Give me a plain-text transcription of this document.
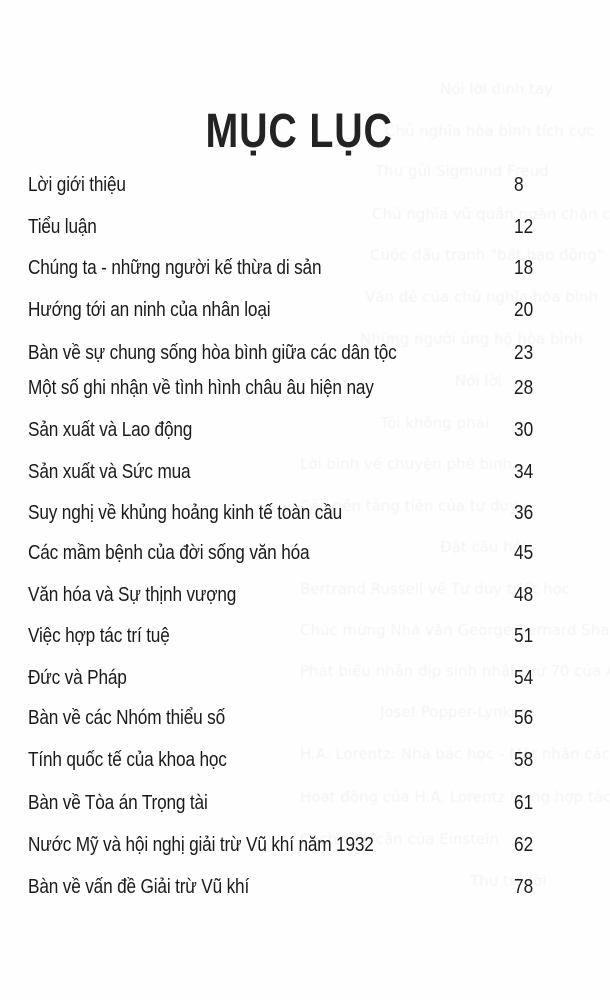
MỤC LỤC
Lời giới thiệu	8
Tiểu luận	12
Chúng ta - những người kế thừa di sản	18
Hướng tới an ninh của nhân loại	20
Bàn về sự chung sống hòa bình giữa các dân tộc	23
Một số ghi nhận về tình hình châu âu hiện nay	28
Sản xuất và Lao động	30
Sản xuất và Sức mua	34
Suy nghị về khủng hoảng kinh tế toàn cầu	36
Các mầm bệnh của đời sống văn hóa	45
Văn hóa và Sự thịnh vượng	48
Việc hợp tác trí tuệ	51
Đức và Pháp	54
Bàn về các Nhóm thiểu số	56
Tính quốc tế của khoa học	58
Bàn về Tòa án Trọng tài	61
Nước Mỹ và hội nghị giải trừ Vũ khí năm 1932	62
Bàn về vấn đề Giải trừ Vũ khí	78
